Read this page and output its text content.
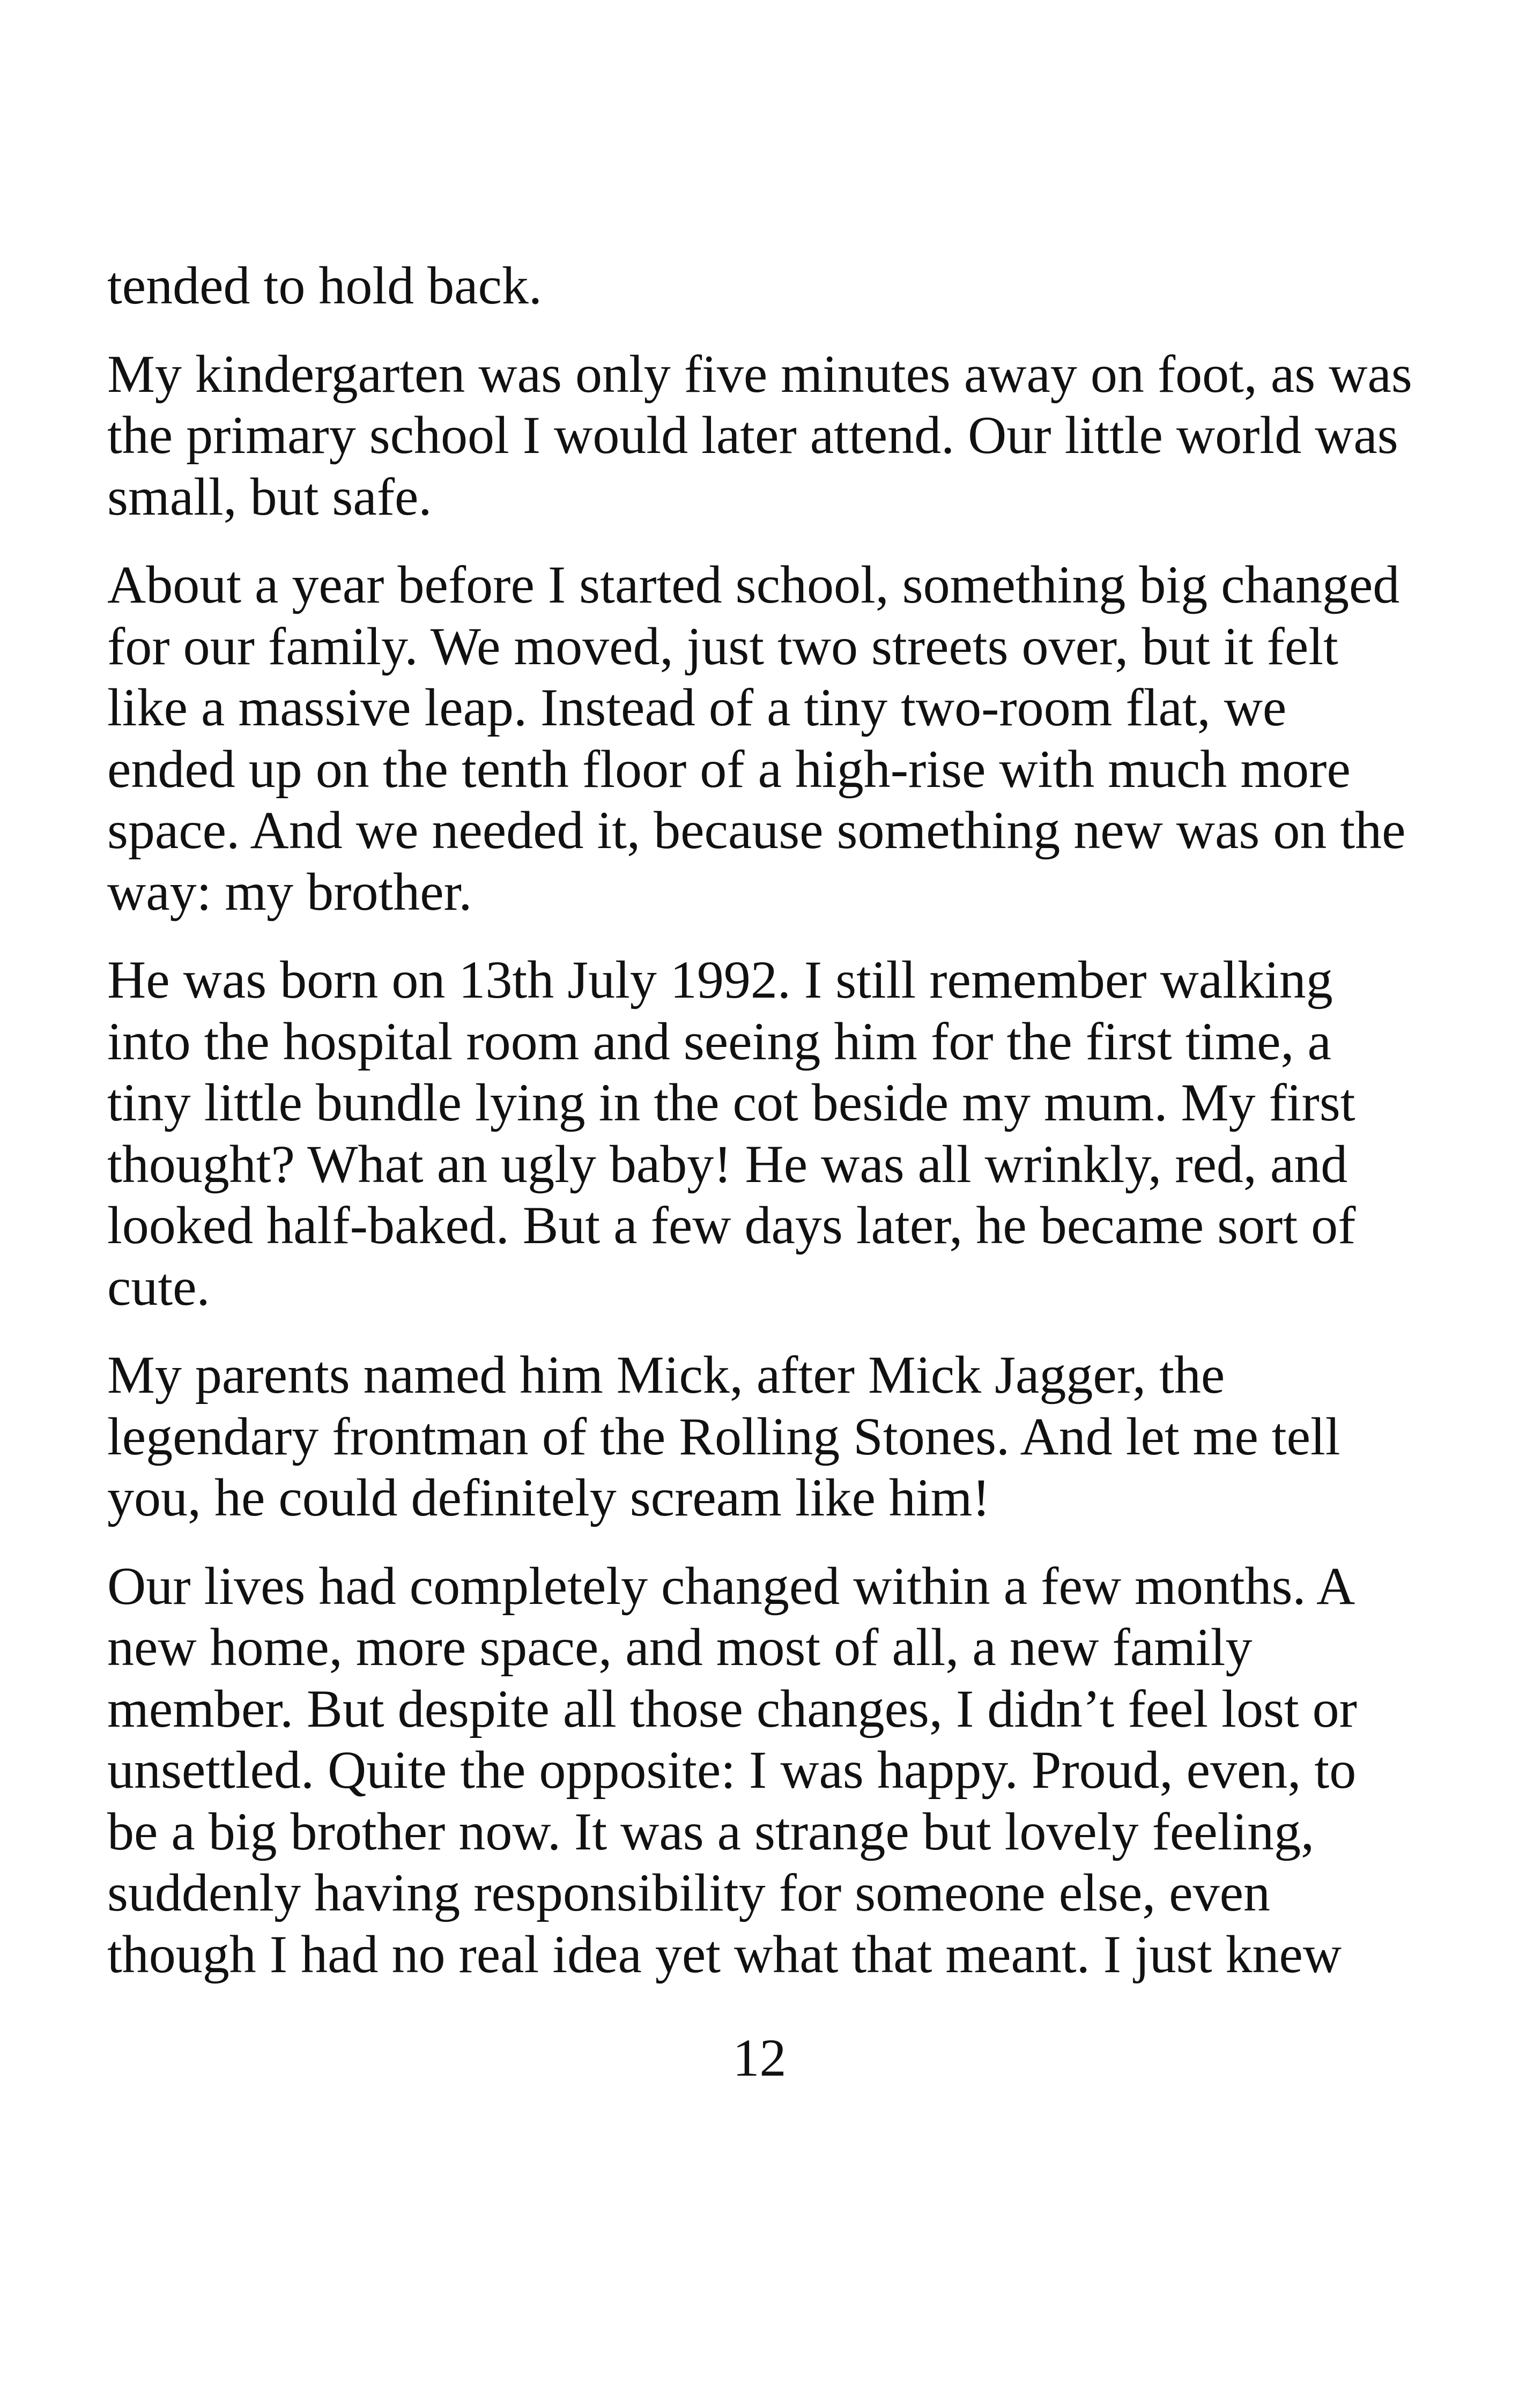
tended to hold back.

My kindergarten was only five minutes away on foot, as was the primary school I would later attend. Our little world was small, but safe.

About a year before I started school, something big changed for our family. We moved, just two streets over, but it felt like a massive leap. Instead of a tiny two-room flat, we ended up on the tenth floor of a high-rise with much more space. And we needed it, because something new was on the way: my brother.

He was born on 13th July 1992. I still remember walking into the hospital room and seeing him for the first time, a tiny little bundle lying in the cot beside my mum. My first thought? What an ugly baby! He was all wrinkly, red, and looked half-baked. But a few days later, he became sort of cute.

My parents named him Mick, after Mick Jagger, the legendary frontman of the Rolling Stones. And let me tell you, he could definitely scream like him!

Our lives had completely changed within a few months. A new home, more space, and most of all, a new family member. But despite all those changes, I didn’t feel lost or unsettled. Quite the opposite: I was happy. Proud, even, to be a big brother now. It was a strange but lovely feeling, suddenly having responsibility for someone else, even though I had no real idea yet what that meant. I just knew

12
